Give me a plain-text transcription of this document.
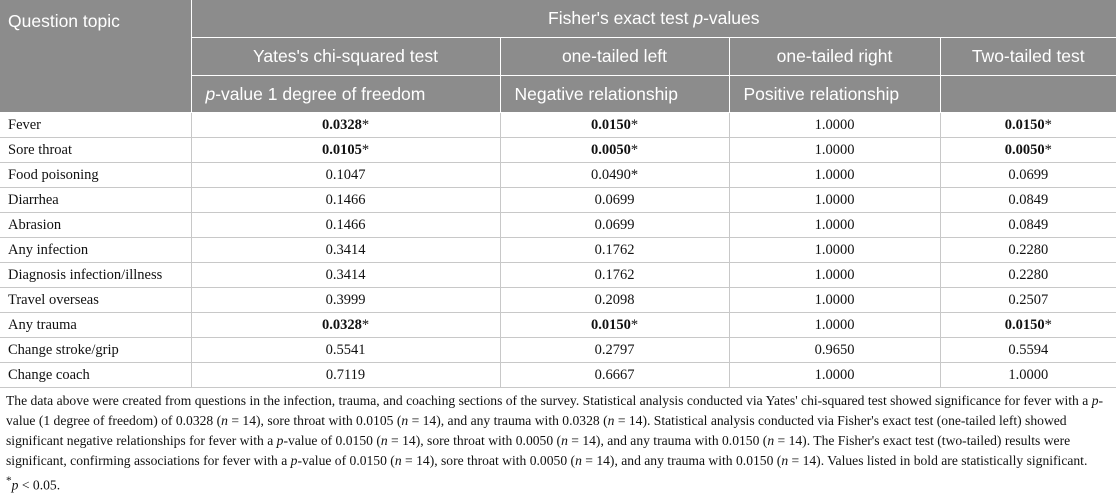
Question topic	Fisher's exact test p-values			
	Yates's chi-squared test	one-tailed left	one-tailed right	Two-tailed test
	p-value 1 degree of freedom	Negative relationship	Positive relationship	
Fever	0.0328*	0.0150*	1.0000	0.0150*
Sore throat	0.0105*	0.0050*	1.0000	0.0050*
Food poisoning	0.1047	0.0490*	1.0000	0.0699
Diarrhea	0.1466	0.0699	1.0000	0.0849
Abrasion	0.1466	0.0699	1.0000	0.0849
Any infection	0.3414	0.1762	1.0000	0.2280
Diagnosis infection/illness	0.3414	0.1762	1.0000	0.2280
Travel overseas	0.3999	0.2098	1.0000	0.2507
Any trauma	0.0328*	0.0150*	1.0000	0.0150*
Change stroke/grip	0.5541	0.2797	0.9650	0.5594
Change coach	0.7119	0.6667	1.0000	1.0000

The data above were created from questions in the infection, trauma, and coaching sections of the survey. Statistical analysis conducted via Yates' chi-squared test showed significance for fever with a p-value (1 degree of freedom) of 0.0328 (n = 14), sore throat with 0.0105 (n = 14), and any trauma with 0.0328 (n = 14). Statistical analysis conducted via Fisher's exact test (one-tailed left) showed significant negative relationships for fever with a p-value of 0.0150 (n = 14), sore throat with 0.0050 (n = 14), and any trauma with 0.0150 (n = 14). The Fisher's exact test (two-tailed) results were significant, confirming associations for fever with a p-value of 0.0150 (n = 14), sore throat with 0.0050 (n = 14), and any trauma with 0.0150 (n = 14). Values listed in bold are statistically significant.

*p < 0.05.
